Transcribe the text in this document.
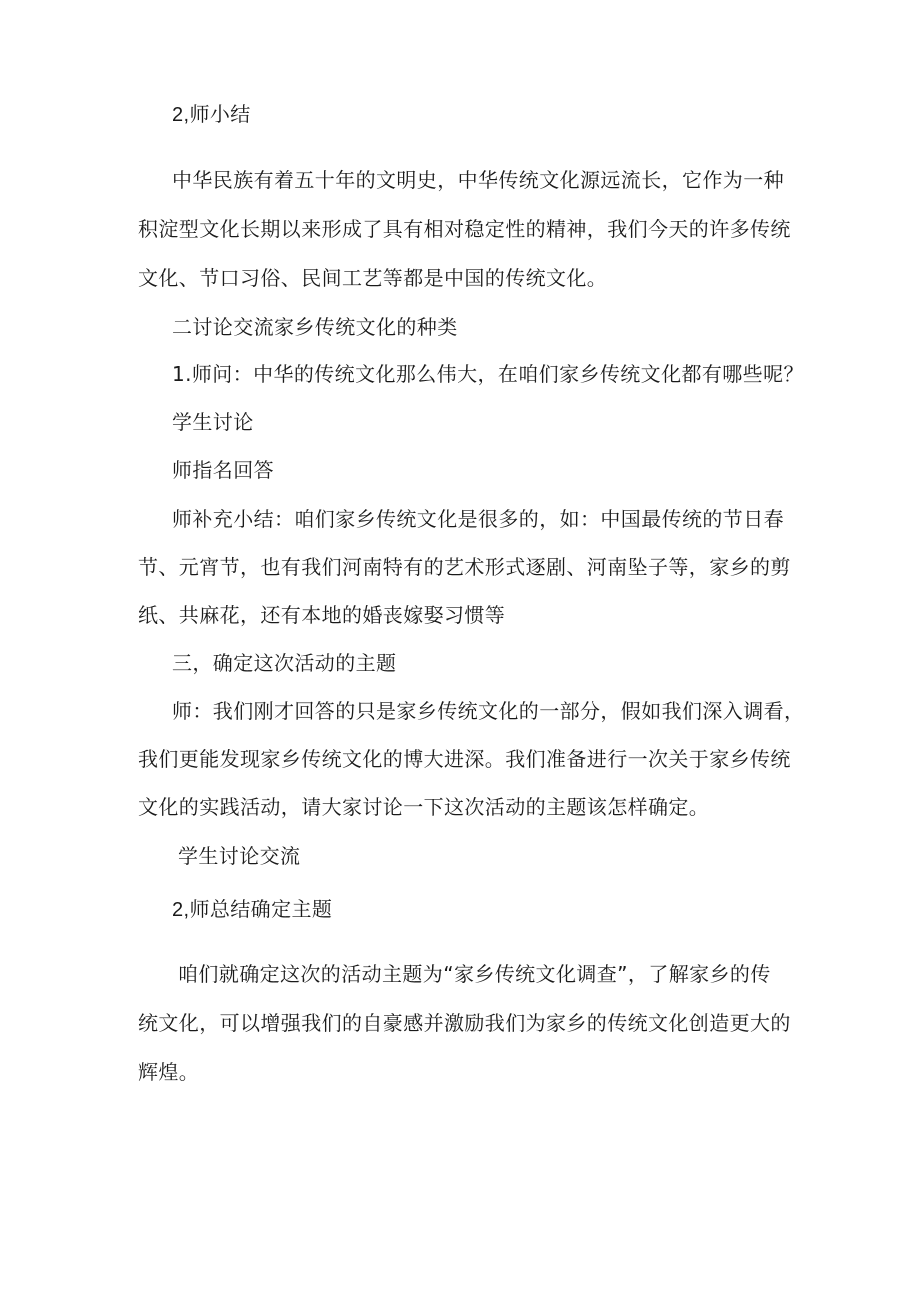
2,师小结
中华民族有着五十年的文明史，中华传统文化源远流长，它作为一种
积淀型文化长期以来形成了具有相对稳定性的精神，我们今天的许多传统
文化、节口习俗、民间工艺等都是中国的传统文化。
二讨论交流家乡传统文化的种类
1.师问：中华的传统文化那么伟大，在咱们家乡传统文化都有哪些呢？
学生讨论
师指名回答
师补充小结：咱们家乡传统文化是很多的，如：中国最传统的节日春
节、元宵节，也有我们河南特有的艺术形式逐剧、河南坠子等，家乡的剪
纸、共麻花，还有本地的婚丧嫁娶习惯等
三，确定这次活动的主题
师：我们刚才回答的只是家乡传统文化的一部分，假如我们深入调看，
我们更能发现家乡传统文化的博大进深。我们准备进行一次关于家乡传统
文化的实践活动，请大家讨论一下这次活动的主题该怎样确定。
学生讨论交流
2,师总结确定主题
咱们就确定这次的活动主题为“家乡传统文化调查”，了解家乡的传
统文化，可以增强我们的自豪感并激励我们为家乡的传统文化创造更大的
辉煌。
